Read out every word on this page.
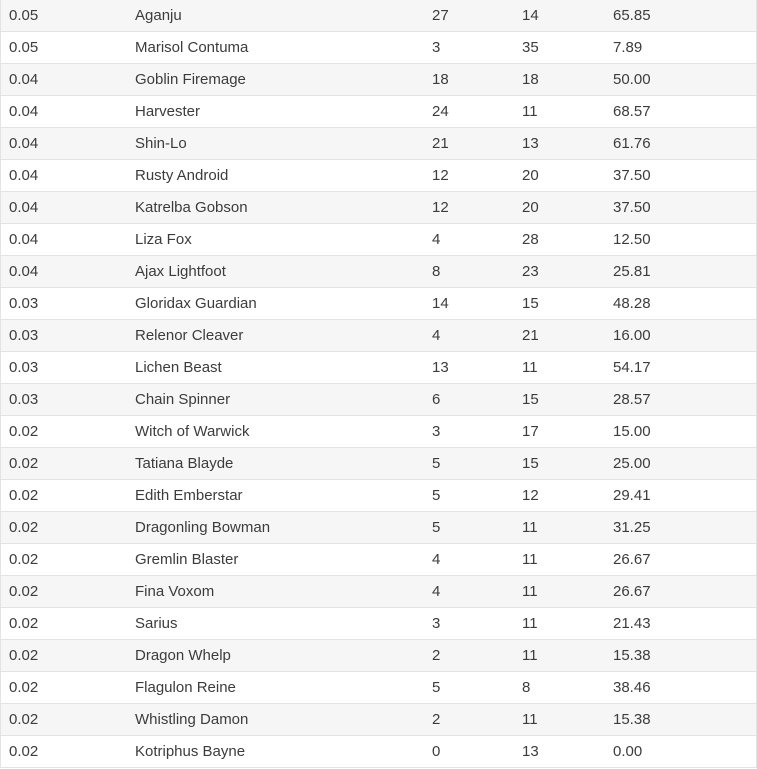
0.05	Aganju	27	14	65.85
0.05	Marisol Contuma	3	35	7.89
0.04	Goblin Firemage	18	18	50.00
0.04	Harvester	24	11	68.57
0.04	Shin-Lo	21	13	61.76
0.04	Rusty Android	12	20	37.50
0.04	Katrelba Gobson	12	20	37.50
0.04	Liza Fox	4	28	12.50
0.04	Ajax Lightfoot	8	23	25.81
0.03	Gloridax Guardian	14	15	48.28
0.03	Relenor Cleaver	4	21	16.00
0.03	Lichen Beast	13	11	54.17
0.03	Chain Spinner	6	15	28.57
0.02	Witch of Warwick	3	17	15.00
0.02	Tatiana Blayde	5	15	25.00
0.02	Edith Emberstar	5	12	29.41
0.02	Dragonling Bowman	5	11	31.25
0.02	Gremlin Blaster	4	11	26.67
0.02	Fina Voxom	4	11	26.67
0.02	Sarius	3	11	21.43
0.02	Dragon Whelp	2	11	15.38
0.02	Flagulon Reine	5	8	38.46
0.02	Whistling Damon	2	11	15.38
0.02	Kotriphus Bayne	0	13	0.00
